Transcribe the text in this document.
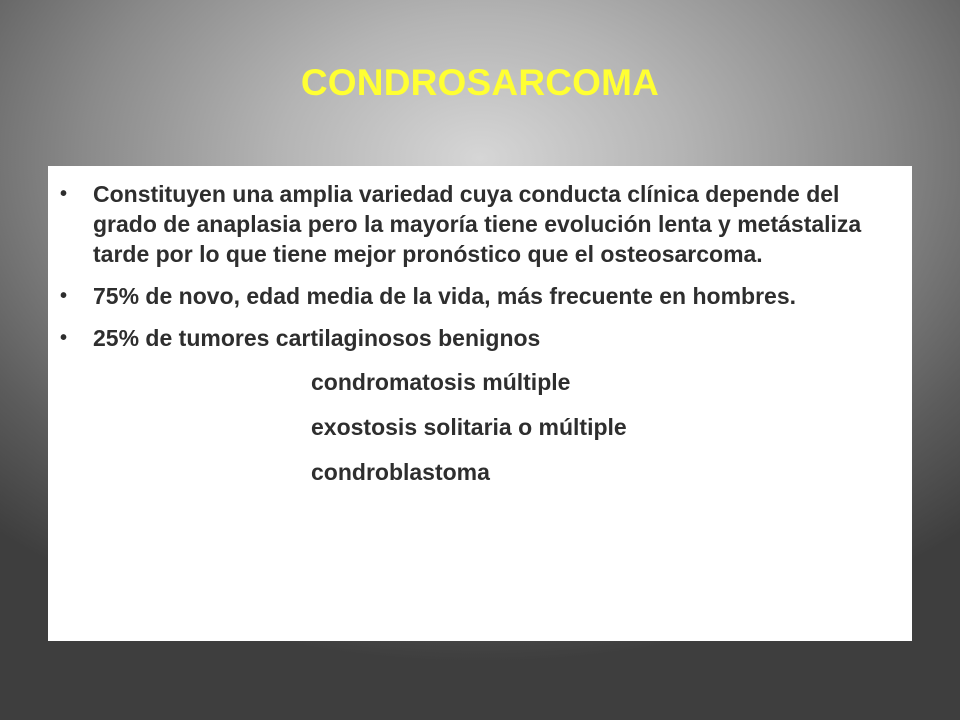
CONDROSARCOMA
•	Constituyen una amplia variedad cuya conducta clínica depende del grado de anaplasia pero la mayoría tiene evolución lenta y metástaliza tarde por lo que tiene mejor pronóstico que el osteosarcoma.
•	75% de novo, edad media de la vida, más frecuente en hombres.
•	25% de tumores cartilaginosos benignos
condromatosis múltiple
exostosis solitaria o múltiple
condroblastoma
